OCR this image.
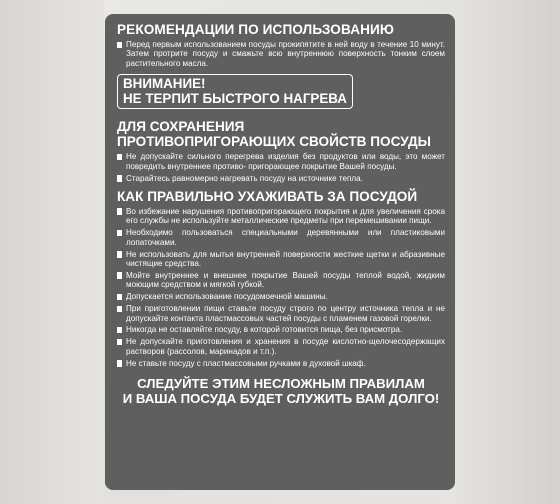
РЕКОМЕНДАЦИИ ПО ИСПОЛЬЗОВАНИЮ
Перед первым использованием посуды прокипятите в ней воду в течение 10 минут. Затем протрите посуду и смажьте всю внутреннюю поверхность тонким слоем растительного масла.
ВНИМАНИЕ!
НЕ ТЕРПИТ БЫСТРОГО НАГРЕВА
ДЛЯ СОХРАНЕНИЯ
ПРОТИВОПРИГОРАЮЩИХ СВОЙСТВ ПОСУДЫ
Не допускайте сильного перегрева изделия без продуктов или воды, это может повредить внутреннее противо- пригорающее покрытие Вашей посуды.
Старайтесь равномерно нагревать посуду на источнике тепла.
КАК ПРАВИЛЬНО УХАЖИВАТЬ ЗА ПОСУДОЙ
Во избежание нарушения противопригорающего покрытия и для увеличения срока его службы не используйте металлические предметы при перемешивании пищи.
Необходимо пользоваться специальными деревянными или пластиковыми лопаточками.
Не использовать для мытья внутренней поверхности жесткие щетки и абразивные чистящие средства.
Мойте внутреннее и внешнее покрытие Вашей посуды теплой водой, жидким моющим средством и мягкой губкой.
Допускается использование посудомоечной машины.
При приготовлении пищи ставьте посуду строго по центру источника тепла и не допускайте контакта пластмассовых частей посуды с пламенем газовой горелки.
Никогда не оставляйте посуду, в которой готовится пища, без присмотра.
Не допускайте приготовления и хранения в посуде кислотно-щелочесодержащих растворов (рассолов, маринадов и т.п.).
Не ставьте посуду с пластмассовыми ручками в духовой шкаф.
СЛЕДУЙТЕ ЭТИМ НЕСЛОЖНЫМ ПРАВИЛАМ
И ВАША ПОСУДА БУДЕТ СЛУЖИТЬ ВАМ ДОЛГО!
